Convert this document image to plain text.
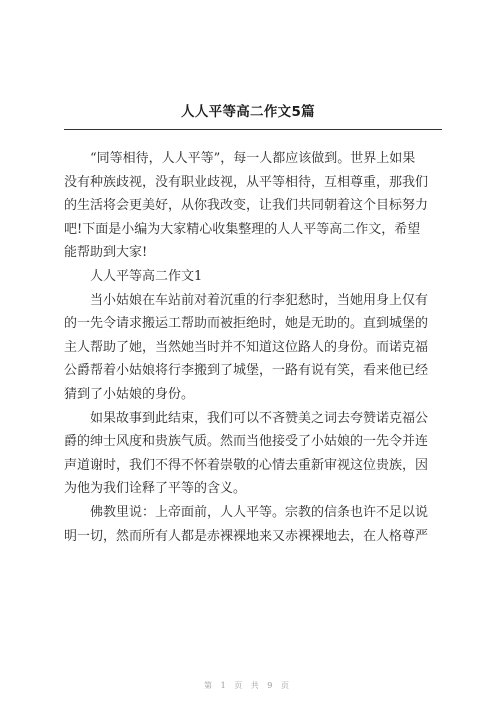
人人平等高二作文5篇
“同等相待，人人平等”，每一人都应该做到。世界上如果
没有种族歧视，没有职业歧视，从平等相待，互相尊重，那我们
的生活将会更美好，从你我改变，让我们共同朝着这个目标努力
吧!下面是小编为大家精心收集整理的人人平等高二作文，希望
能帮助到大家!
人人平等高二作文1
当小姑娘在车站前对着沉重的行李犯愁时，当她用身上仅有
的一先令请求搬运工帮助而被拒绝时，她是无助的。直到城堡的
主人帮助了她，当然她当时并不知道这位路人的身份。而诺克福
公爵帮着小姑娘将行李搬到了城堡，一路有说有笑，看来他已经
猜到了小姑娘的身份。
如果故事到此结束，我们可以不吝赞美之词去夸赞诺克福公
爵的绅士风度和贵族气质。然而当他接受了小姑娘的一先令并连
声道谢时，我们不得不怀着崇敬的心情去重新审视这位贵族，因
为他为我们诠释了平等的含义。
佛教里说：上帝面前，人人平等。宗教的信条也许不足以说
明一切，然而所有人都是赤裸裸地来又赤裸裸地去，在人格尊严
第 1 页 共 9 页
